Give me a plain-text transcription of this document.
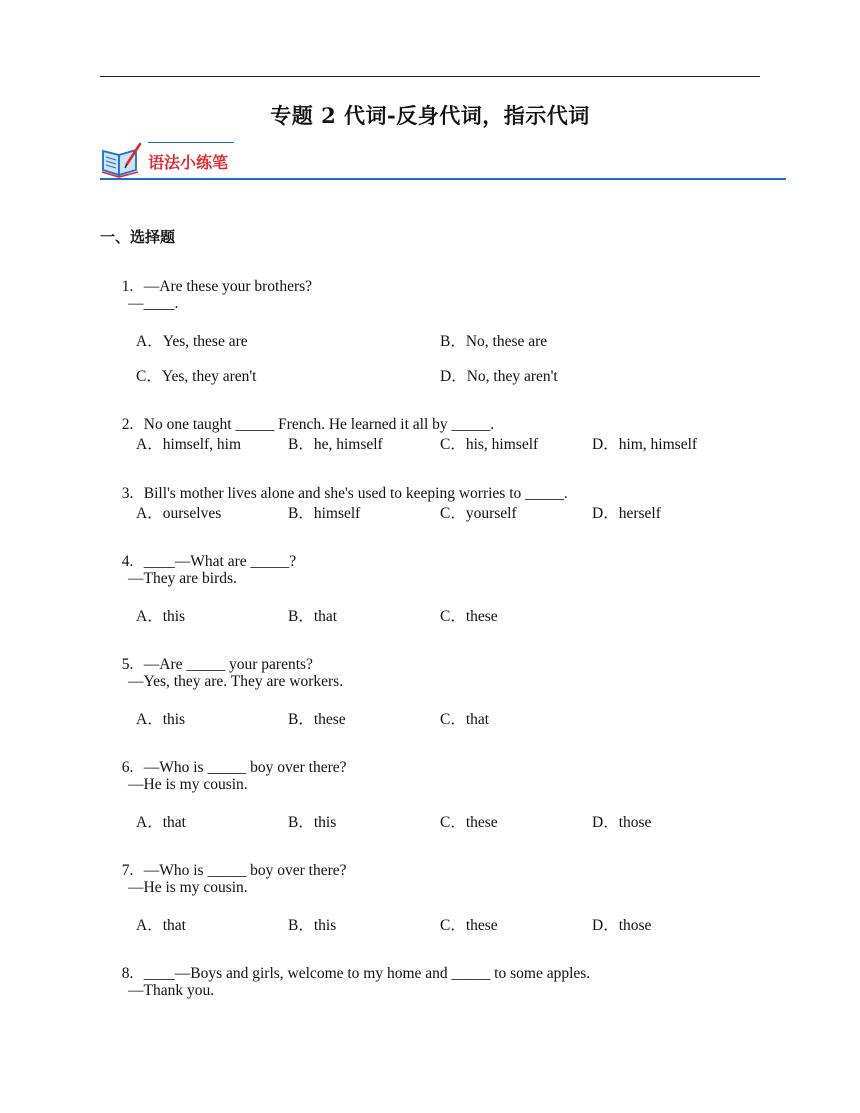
专题 2 代词-反身代词，指示代词
语法小练笔
一、选择题

1. —Are these your brothers?

—____.
A．Yes, these are	B．No, these are
C．Yes, they aren't	D．No, they aren't

2. No one taught _____ French. He learned it all by _____.

A．himself, him	B．he, himself	C．his, himself	D．him, himself

3. Bill's mother lives alone and she's used to keeping worries to _____.

A．ourselves	B．himself	C．yourself	D．herself

4. ____—What are _____?

—They are birds.
A．this	B．that	C．these

5. —Are _____ your parents?

—Yes, they are. They are workers.
A．this	B．these	C．that

6. —Who is _____ boy over there?

—He is my cousin.
A．that	B．this	C．these	D．those

7. —Who is _____ boy over there?

—He is my cousin.
A．that	B．this	C．these	D．those

8. ____—Boys and girls, welcome to my home and _____ to some apples.

—Thank you.
